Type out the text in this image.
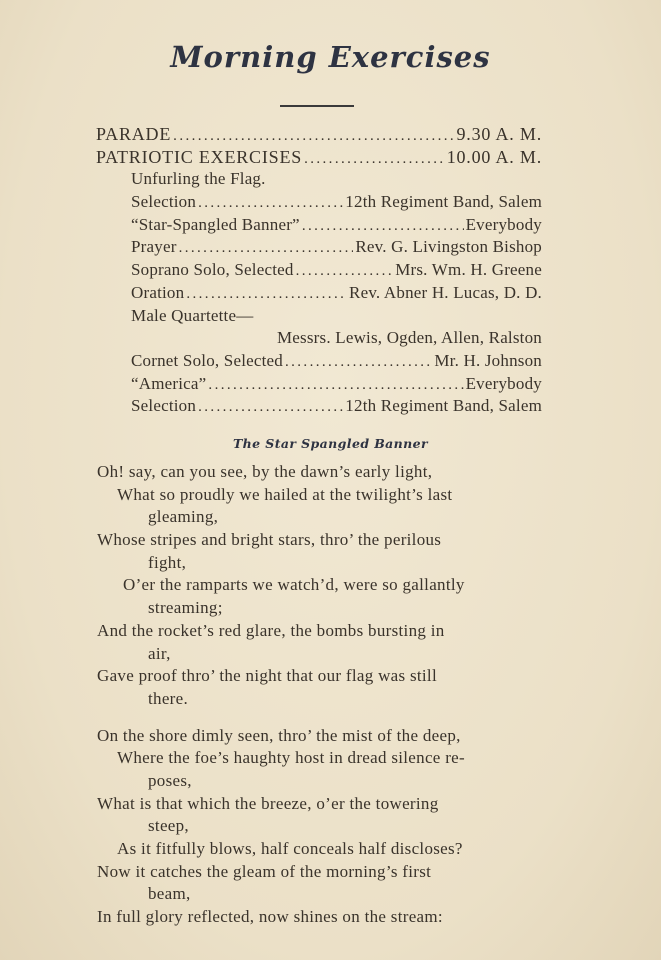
Morning Exercises
PARADE .....	9.30 A. M.
PATRIOTIC EXERCISES .....	10.00 A. M.
Unfurling the Flag.
Selection .....	12th Regiment Band, Salem
“Star-Spangled Banner” .....	Everybody
Prayer .....	Rev. G. Livingston Bishop
Soprano Solo, Selected .....	Mrs. Wm. H. Greene
Oration .....	Rev. Abner H. Lucas, D. D.
Male Quartette—
Messrs. Lewis, Ogden, Allen, Ralston
Cornet Solo, Selected .....	Mr. H. Johnson
“America” .....	Everybody
Selection .....	12th Regiment Band, Salem
The Star Spangled Banner
Oh! say, can you see, by the dawn’s early light,
What so proudly we hailed at the twilight’s last
gleaming,
Whose stripes and bright stars, thro’ the perilous
fight,
O’er the ramparts we watch’d, were so gallantly
streaming;
And the rocket’s red glare, the bombs bursting in
air,
Gave proof thro’ the night that our flag was still
there.
On the shore dimly seen, thro’ the mist of the deep,
Where the foe’s haughty host in dread silence re-
poses,
What is that which the breeze, o’er the towering
steep,
As it fitfully blows, half conceals half discloses?
Now it catches the gleam of the morning’s first
beam,
In full glory reflected, now shines on the stream:
